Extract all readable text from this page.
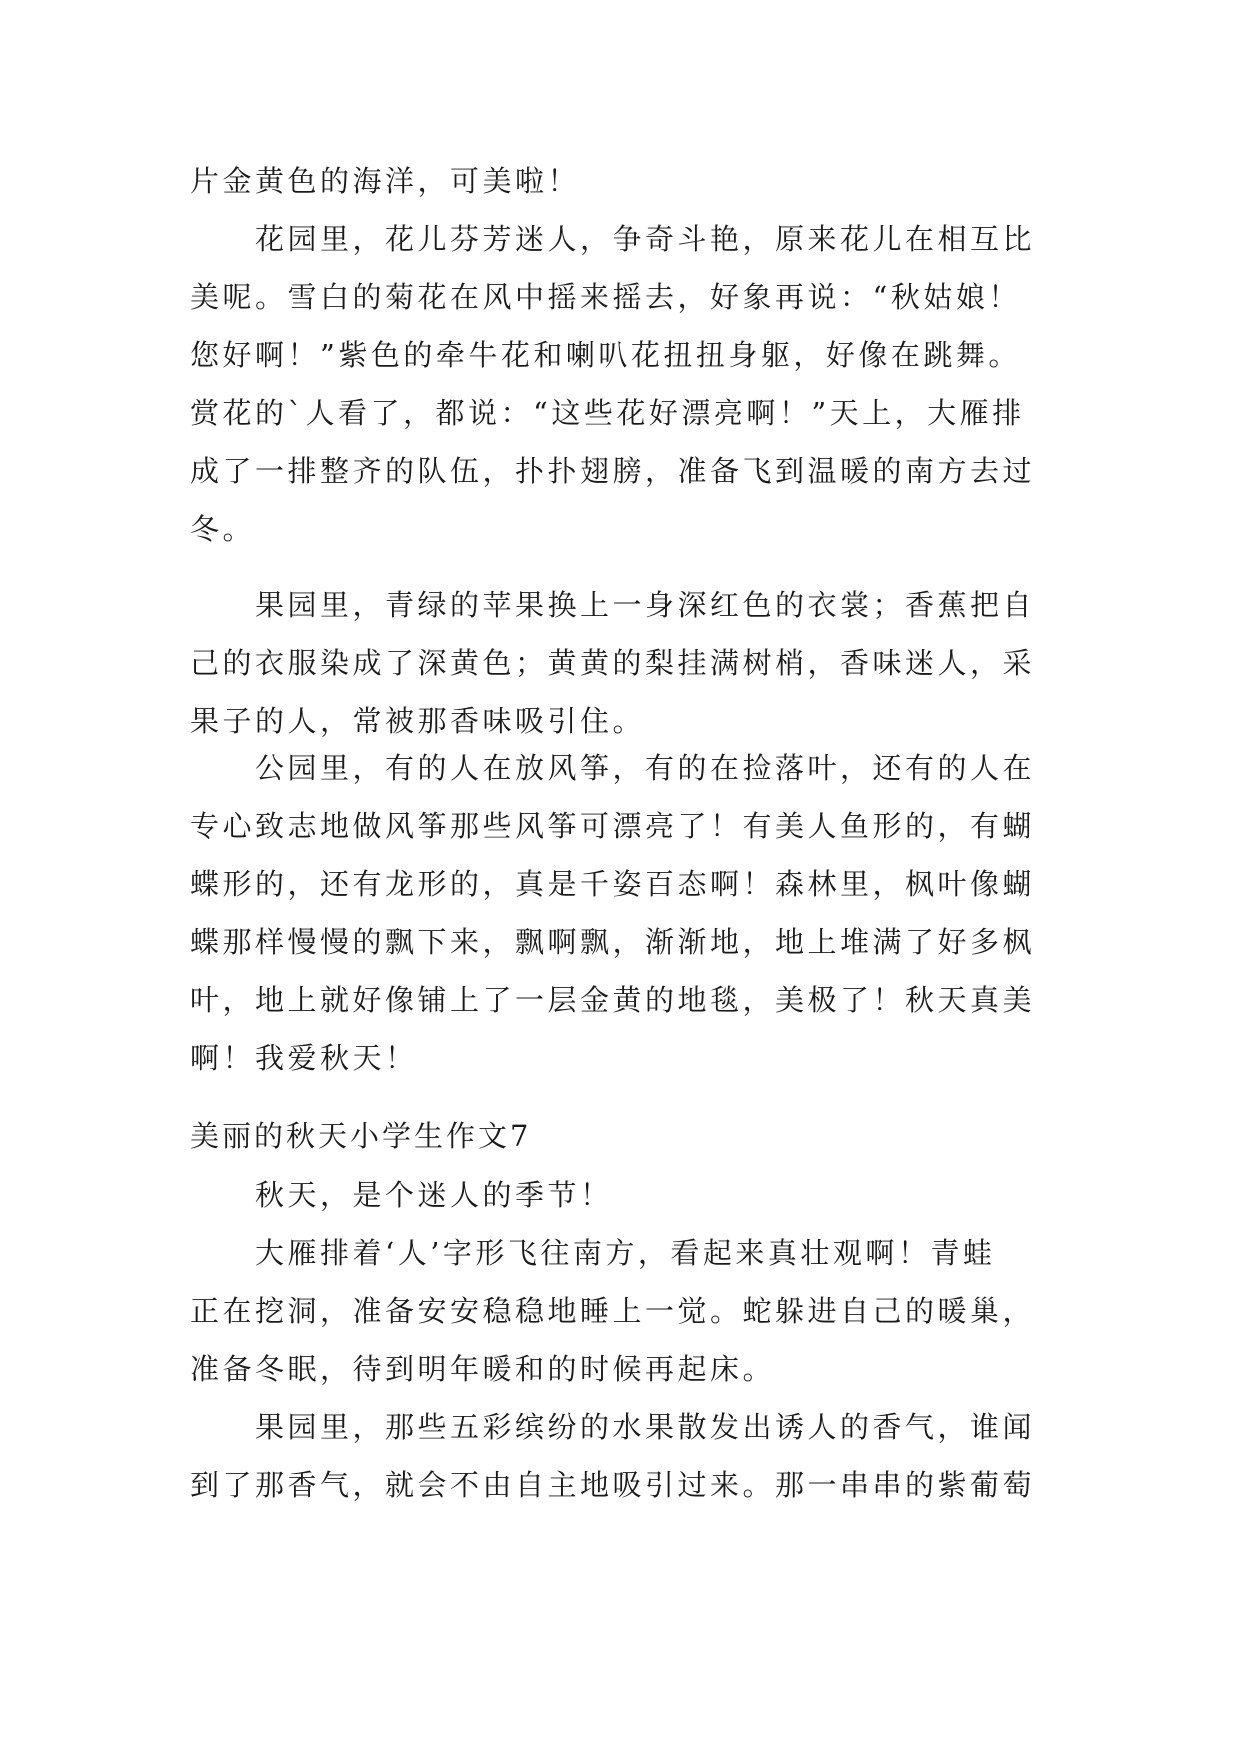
片金黄色的海洋，可美啦！
　　花园里，花儿芬芳迷人，争奇斗艳，原来花儿在相互比
美呢。雪白的菊花在风中摇来摇去，好象再说：“秋姑娘！
您好啊！”紫色的牵牛花和喇叭花扭扭身躯，好像在跳舞。
赏花的`人看了，都说：“这些花好漂亮啊！”天上，大雁排
成了一排整齐的队伍，扑扑翅膀，准备飞到温暖的南方去过
冬。
　　果园里，青绿的苹果换上一身深红色的衣裳；香蕉把自
己的衣服染成了深黄色；黄黄的梨挂满树梢，香味迷人，采
果子的人，常被那香味吸引住。
　　公园里，有的人在放风筝，有的在捡落叶，还有的人在
专心致志地做风筝那些风筝可漂亮了！有美人鱼形的，有蝴
蝶形的，还有龙形的，真是千姿百态啊！森林里，枫叶像蝴
蝶那样慢慢的飘下来，飘啊飘，渐渐地，地上堆满了好多枫
叶，地上就好像铺上了一层金黄的地毯，美极了！秋天真美
啊！我爱秋天！
美丽的秋天小学生作文7
　　秋天，是个迷人的季节！
　　大雁排着‘人’字形飞往南方，看起来真壮观啊！青蛙
正在挖洞，准备安安稳稳地睡上一觉。蛇躲进自己的暖巢，
准备冬眠，待到明年暖和的时候再起床。
　　果园里，那些五彩缤纷的水果散发出诱人的香气，谁闻
到了那香气，就会不由自主地吸引过来。那一串串的紫葡萄
